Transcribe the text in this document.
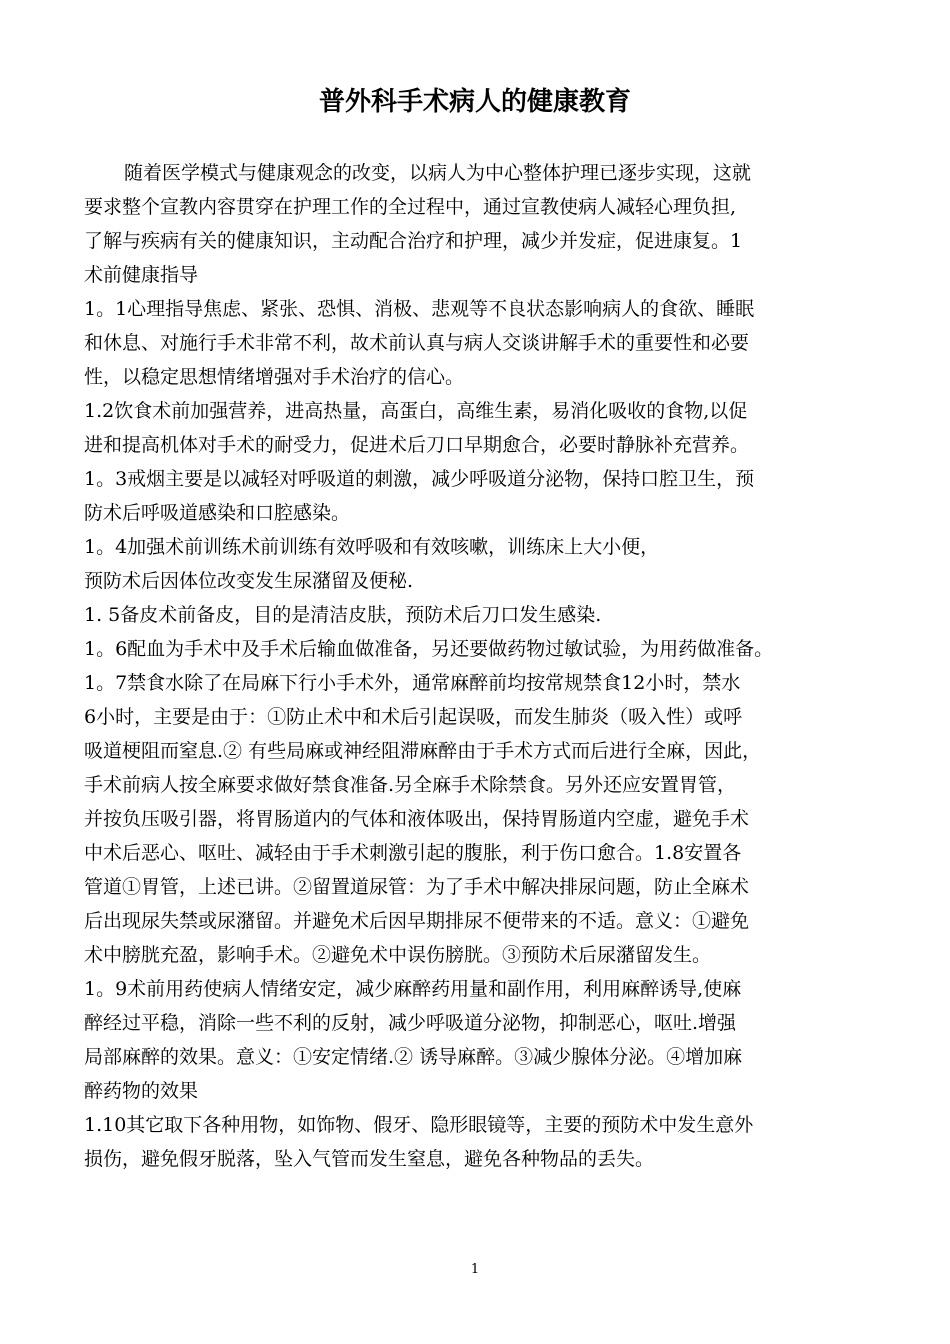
普外科手术病人的健康教育
随着医学模式与健康观念的改变，以病人为中心整体护理已逐步实现，这就
要求整个宣教内容贯穿在护理工作的全过程中，通过宣教使病人减轻心理负担,
了解与疾病有关的健康知识，主动配合治疗和护理，减少并发症，促进康复。1
术前健康指导
1。1心理指导焦虑、紧张、恐惧、消极、悲观等不良状态影响病人的食欲、睡眠
和休息、对施行手术非常不利，故术前认真与病人交谈讲解手术的重要性和必要
性，以稳定思想情绪增强对手术治疗的信心。
1.2饮食术前加强营养，进高热量，高蛋白，高维生素，易消化吸收的食物,以促
进和提高机体对手术的耐受力，促进术后刀口早期愈合，必要时静脉补充营养。
1。3戒烟主要是以减轻对呼吸道的刺激，减少呼吸道分泌物，保持口腔卫生，预
防术后呼吸道感染和口腔感染。
1。4加强术前训练术前训练有效呼吸和有效咳嗽，训练床上大小便，
预防术后因体位改变发生尿潴留及便秘.
1. 5备皮术前备皮，目的是清洁皮肤，预防术后刀口发生感染.
1。6配血为手术中及手术后输血做准备，另还要做药物过敏试验，为用药做准备。
1。7禁食水除了在局麻下行小手术外，通常麻醉前均按常规禁食12小时，禁水
6小时，主要是由于：①防止术中和术后引起误吸，而发生肺炎（吸入性）或呼
吸道梗阻而窒息.② 有些局麻或神经阻滞麻醉由于手术方式而后进行全麻，因此，
手术前病人按全麻要求做好禁食准备.另全麻手术除禁食。另外还应安置胃管，
并按负压吸引器，将胃肠道内的气体和液体吸出，保持胃肠道内空虚，避免手术
中术后恶心、呕吐、减轻由于手术刺激引起的腹胀，利于伤口愈合。1.8安置各
管道①胃管，上述已讲。②留置道尿管：为了手术中解决排尿问题，防止全麻术
后出现尿失禁或尿潴留。并避免术后因早期排尿不便带来的不适。意义：①避免
术中膀胱充盈，影响手术。②避免术中误伤膀胱。③预防术后尿潴留发生。
1。9术前用药使病人情绪安定，减少麻醉药用量和副作用，利用麻醉诱导,使麻
醉经过平稳，消除一些不利的反射，减少呼吸道分泌物，抑制恶心，呕吐.增强
局部麻醉的效果。意义：①安定情绪.② 诱导麻醉。③减少腺体分泌。④增加麻
醉药物的效果
1.10其它取下各种用物，如饰物、假牙、隐形眼镜等，主要的预防术中发生意外
损伤，避免假牙脱落，坠入气管而发生窒息，避免各种物品的丢失。
1
